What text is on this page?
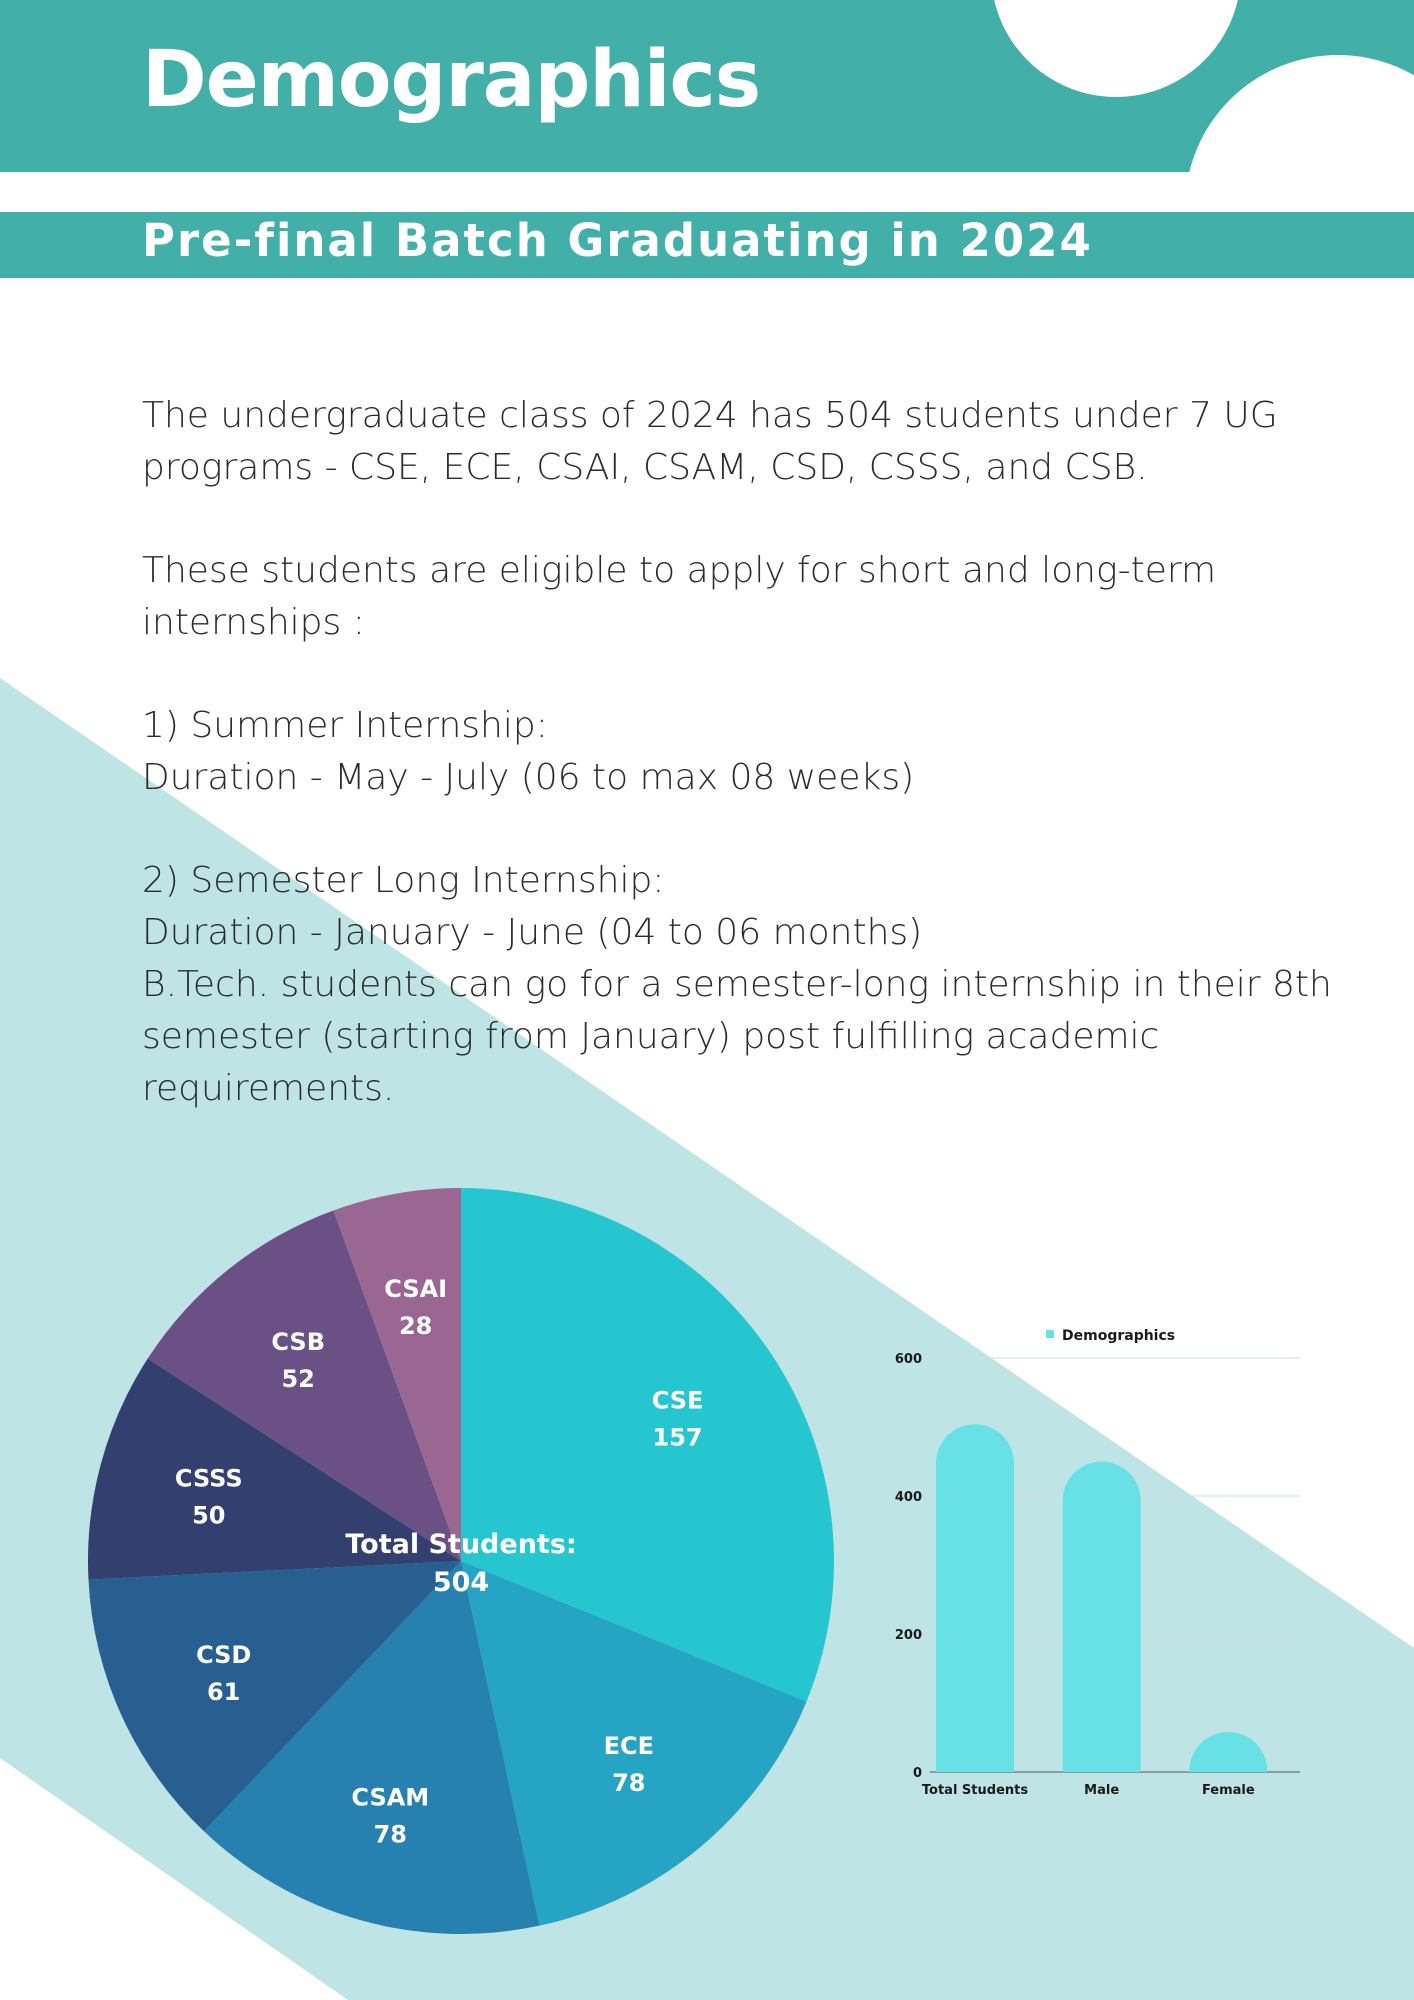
Demographics
Pre-final Batch Graduating in 2024

The undergraduate class of 2024 has 504 students under 7 UG

programs - CSE, ECE, CSAI, CSAM, CSD, CSSS, and CSB.

These students are eligible to apply for short and long-term

internships :

1) Summer Internship:

Duration - May - July (06 to max 08 weeks)

2) Semester Long Internship:

Duration - January - June (04 to 06 months)

B.Tech. students can go for a semester-long internship in their 8th

semester (starting from January) post fulfilling academic

requirements.

CSE
157
ECE
78
CSAM
78
CSD
61
CSSS
50
CSB
52
CSAI
28
Total Students:
504
0
200
400
600
Total Students	Male	Female
Demographics
